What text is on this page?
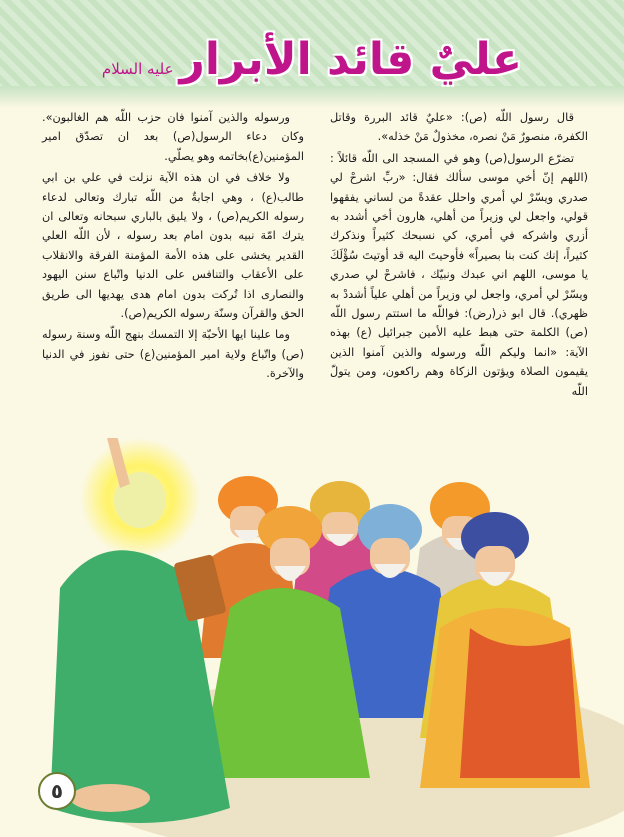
عليٌ قائد الأبرار
عليه السلام

قال رسول اللّه (ص): «عليٌ قائد البررة وقاتل الكفرة، منصورٌ مَنْ نصره، مخذولٌ مَنْ خذله».

تضرّع الرسول(ص) وهو في المسجد الى اللّه قائلاً : (اللهم إنّ أخي موسى سألك فقال: «ربِّ اشرحْ لي صدري ويسّرْ لي أمري واحلل عقدةً من لساني يفقهوا قولي، واجعل لي وزيراً من أهلي، هارون أخي أشدد به أزري واشركه في أمري، كي نسبحك كثيراً ونذكرك كثيراً، إنك كنت بنا بصيراً» فأوحيتَ اليه قد أوتيتَ سُؤْلَكَ يا موسى، اللهم اني عبدك ونبيّك ، فاشرحْ لي صدري ويسّرْ لي أمري، واجعل لي وزيراً من أهلي علياً أشددْ به ظهري). قال ابو ذر(رض): فواللّه ما استتم رسول اللّه (ص) الكلمة حتى هبط عليه الأمين جبرائيل (ع) بهذه الآية: «انما وليكم اللّه ورسوله والذين آمنوا الذين يقيمون الصلاة ويؤتون الزكاة وهم راكعون، ومن يتولّ اللّه

ورسوله والذين آمنوا فان حزب اللّه هم الغالبون». وكان دعاء الرسول(ص) بعد ان تصدّق امير المؤمنين(ع)بخاتمه وهو يصلّي.

ولا خلاف في ان هذه الآية نزلت في علي بن ابي طالب(ع) ، وهي اجابةٌ من اللّه تبارك وتعالى لدعاء رسوله الكريم(ص) ، ولا يليق بالباري سبحانه وتعالى ان يترك امّة نبيه بدون امام بعد رسوله ، لأن اللّه العلي القدير يخشى على هذه الأمة المؤمنة الفرقة والانقلاب على الأعقاب والتنافس على الدنيا واتّباع سنن اليهود والنصارى اذا تُركت بدون امام هدى يهديها الى طريق الحق والقرآن وسنّة رسوله الكريم(ص).

وما علينا ايها الأحبّة إلا التمسك بنهج اللّه وسنة رسوله (ص) واتّباع ولاية امير المؤمنين(ع) حتى نفوز في الدنيا والآخرة.

٥
